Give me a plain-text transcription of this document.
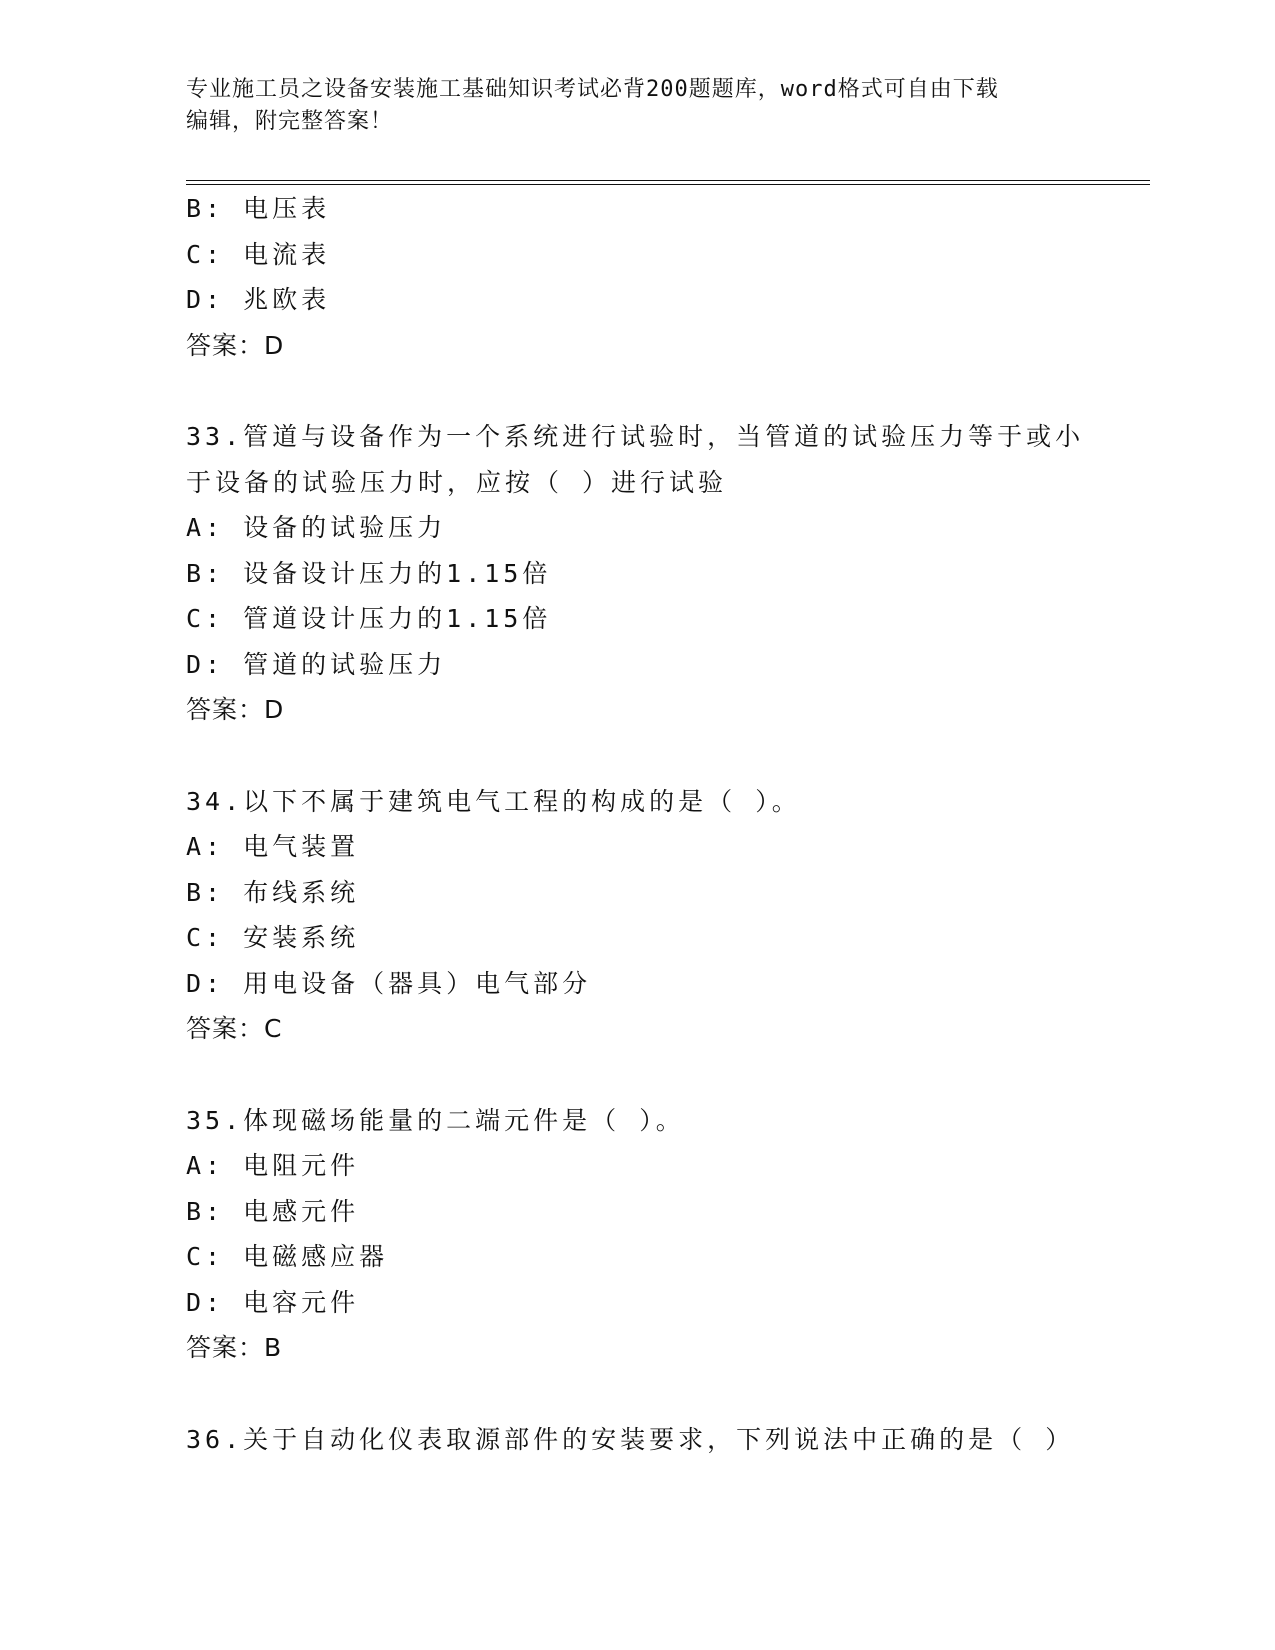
专业施工员之设备安装施工基础知识考试必背200题题库，word格式可自由下载
编辑，附完整答案！
B: 电压表
C: 电流表
D: 兆欧表
答案：D
33.管道与设备作为一个系统进行试验时，当管道的试验压力等于或小
于设备的试验压力时，应按（ ）进行试验
A: 设备的试验压力
B: 设备设计压力的1.15倍
C: 管道设计压力的1.15倍
D: 管道的试验压力
答案：D
34.以下不属于建筑电气工程的构成的是（ ）。
A: 电气装置
B: 布线系统
C: 安装系统
D: 用电设备（器具）电气部分
答案：C
35.体现磁场能量的二端元件是（ ）。
A: 电阻元件
B: 电感元件
C: 电磁感应器
D: 电容元件
答案：B
36.关于自动化仪表取源部件的安装要求，下列说法中正确的是（ ）
